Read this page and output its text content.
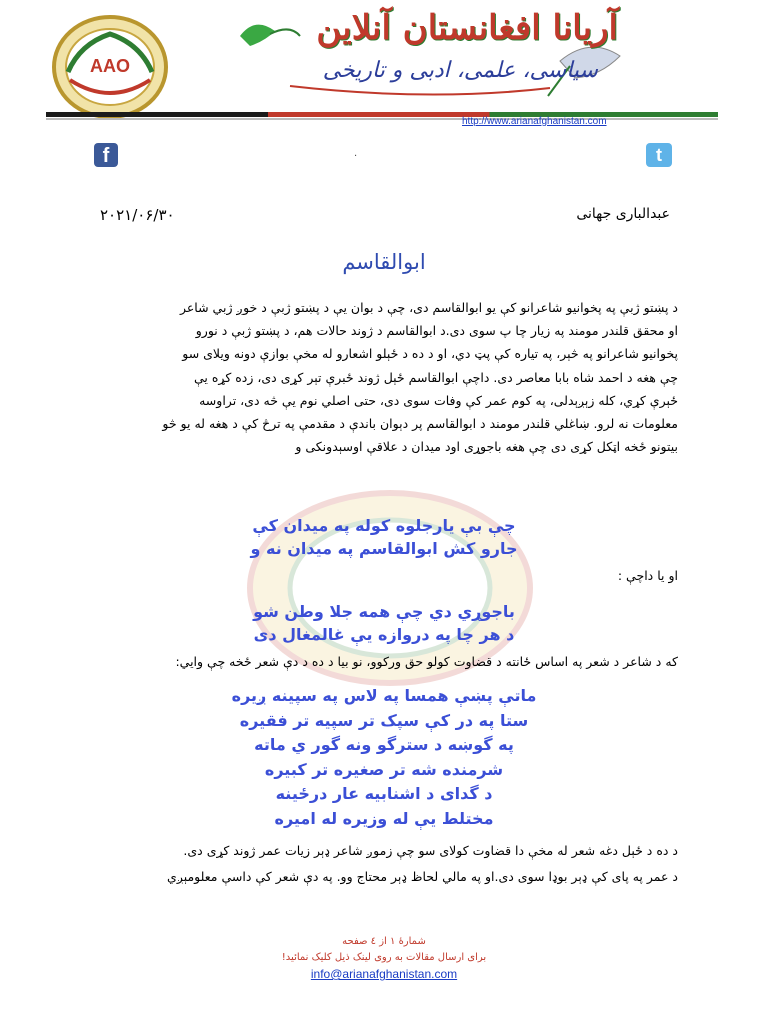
AAO
آریانا افغانستان آنلاین
سیاسی، علمی، ادبی و تاریخی
http://www.arianafghanistan.com
f	.	t
۲۰۲۱/۰۶/۳۰	عبدالباری جهانی
ابوالقاسم
د پښتو ژبې په پخوانیو شاعرانو کې یو ابوالقاسم دی، چې د بوان یې د پښتو ژبې د خوږ ژبي شاعر
او محقق قلندر مومند په زیار چا پ سوی دی.د ابوالقاسم د ژوند حالات هم، د پښتو ژبې د نورو
پخوانیو شاعرانو په څېر، په تیاره کې پټ دي، او د ده د ځېلو اشعارو له مخې بوازې دونه ویلای سو
چې هغه د احمد شاه بابا معاصر دی. داچې ابوالقاسم ځېل ژوند ځبرې تېر کړی دی، زده کړه یې
ځېرې کړي، کله زېږېدلی، په کوم عمر کې وفات سوی دی، حتی اصلي نوم یې څه دی، تراوسه
معلومات نه لرو. ښاغلي قلندر مومند د ابوالقاسم پر دېوان باندې د مقدمې په ترڅ کې د هغه له یو څو
بیتونو ځخه اټکل کړی دی چې هغه باجوړی اود میدان د علاقې اوسېدونکی و
چې بې یارجلوه کوله په میدان کې
جارو کش ابوالقاسم په میدان نه و
او یا داچې :
باجوړي دي چې همه جلا وطن شو
د هر چا په دروازه یې غالمغال دی
که د شاعر د شعر په اساس ځانته د قضاوت کولو حق ورکوو، نو بیا د ده د دې شعر ځخه چې وایي:
ماتې پښې همسا په لاس په سپینه ږیره
ستا په در کې سپک تر سپیه تر فقیره
په گوښه د سترگو ونه گور ي ماته
شرمنده شه تر صغیره تر کبیره
د گدای د اشنابیه عار درځینه
مختلط یې له وزیره له امیره
د ده د ځېل دغه شعر له مخې دا قضاوت کولای سو چې زموږ شاعر ډېر زیات عمر ژوند کړی دی.
د عمر په پای کې ډېر بوډا سوی دی.او په مالي لحاظ ډېر محتاج وو. په دې شعر کې داسې معلومېږي
شمارهٔ ۱ از ٤ صفحه
برای ارسال مقالات به روی لینک ذیل کلیک نمائید!
info@arianafghanistan.com
